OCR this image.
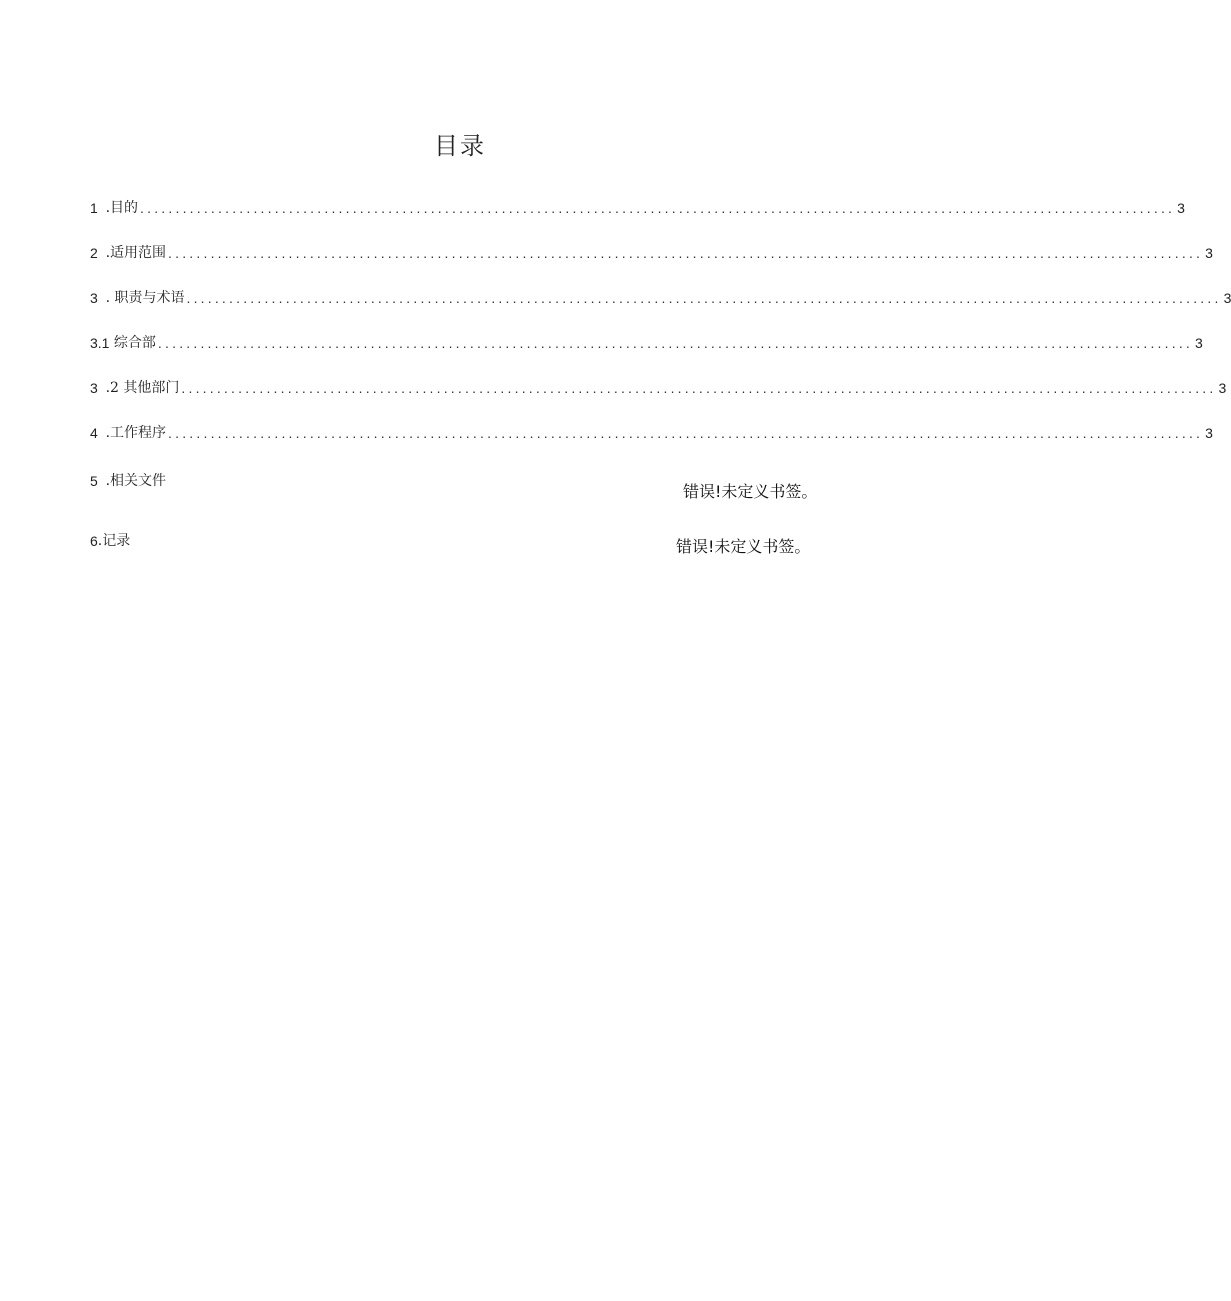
目录
1 .目的 .................................................................................................................................................. 3
2 .适用范围 .................................................................................................................................................. 3
3 . 职责与术语 .................................................................................................................................................. 3
3.1 综合部 .................................................................................................................................................. 3
3 .2 其他部门 .................................................................................................................................................. 3
4 .工作程序 .................................................................................................................................................. 3
5 .相关文件
错误!未定义书签。
6 .记录	错误!未定义书签。
